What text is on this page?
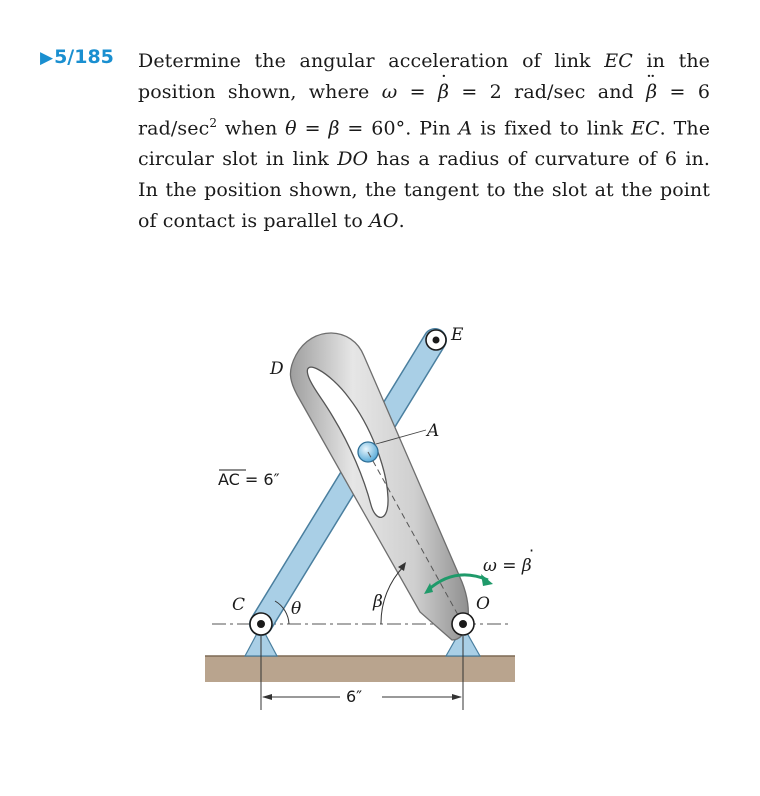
▶5/185 Determine the angular acceleration of link EC in the position shown, where ω = · β = 2 rad/sec and ·· β = 6 rad/$\sec^2$ when θ = β = 60°. Pin A is fixed to link EC. The circular slot in link DO has a radius of curvature of 6 in. In the position shown, the tangent to the slot at the point of contact is parallel to AO.
E
D
A
AC = 6″
C	θ	β
ω = β
·
O
6″
